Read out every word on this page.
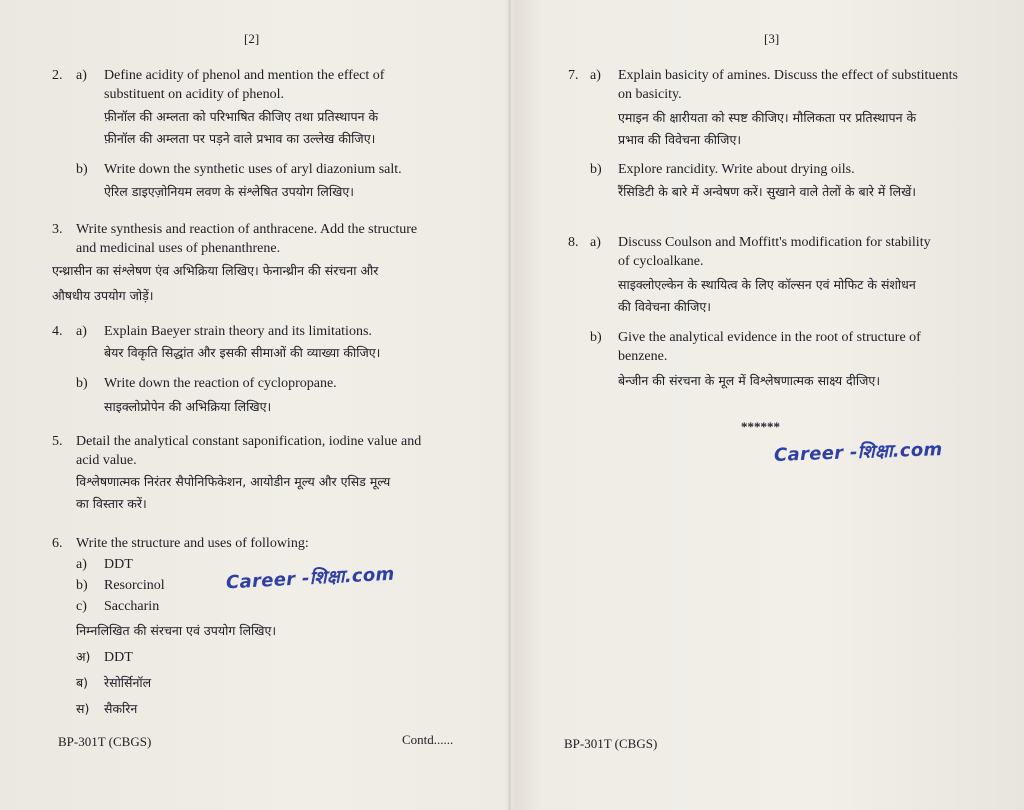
[2]
2. a) Define acidity of phenol and mention the effect of
substituent on acidity of phenol.
फ़ीनॉल की अम्लता को परिभाषित कीजिए तथा प्रतिस्थापन के
फ़ीनॉल की अम्लता पर पड़ने वाले प्रभाव का उल्लेख कीजिए।
b) Write down the synthetic uses of aryl diazonium salt.
ऐरिल डाइएज़ोनियम लवण के संश्लेषित उपयोग लिखिए।
3. Write synthesis and reaction of anthracene. Add the structure
and medicinal uses of phenanthrene.
एन्थ्रासीन का संश्लेषण एंव अभिक्रिया लिखिए। फेनान्थ्रीन की संरचना और
औषधीय उपयोग जोड़ें।
4. a) Explain Baeyer strain theory and its limitations.
बेयर विकृति सिद्धांत और इसकी सीमाओं की व्याख्या कीजिए।
b) Write down the reaction of cyclopropane.
साइक्लोप्रोपेन की अभिक्रिया लिखिए।
5. Detail the analytical constant saponification, iodine value and
acid value.
विश्लेषणात्मक निरंतर सैपोनिफिकेशन, आयोडीन मूल्य और एसिड मूल्य
का विस्तार करें।
6. Write the structure and uses of following:
a) DDT
b) Resorcinol
c) Saccharin
निम्नलिखित की संरचना एवं उपयोग लिखिए।
अ) DDT
ब) रेसोर्सिनॉल
स) सैकरिन
Career -शिक्षा.com
BP-301T (CBGS)	Contd......
[3]
7. a) Explain basicity of amines. Discuss the effect of substituents
on basicity.
एमाइन की क्षारीयता को स्पष्ट कीजिए। मौलिकता पर प्रतिस्थापन के
प्रभाव की विवेचना कीजिए।
b) Explore rancidity. Write about drying oils.
रैंसिडिटी के बारे में अन्वेषण करें। सुखाने वाले तेलों के बारे में लिखें।
8. a) Discuss Coulson and Moffitt's modification for stability
of cycloalkane.
साइक्लोएल्केन के स्थायित्व के लिए कॉल्सन एवं मोफिट के संशोधन
की विवेचना कीजिए।
b) Give the analytical evidence in the root of structure of
benzene.
बेन्जीन की संरचना के मूल में विश्लेषणात्मक साक्ष्य दीजिए।
******
Career -शिक्षा.com
BP-301T (CBGS)
